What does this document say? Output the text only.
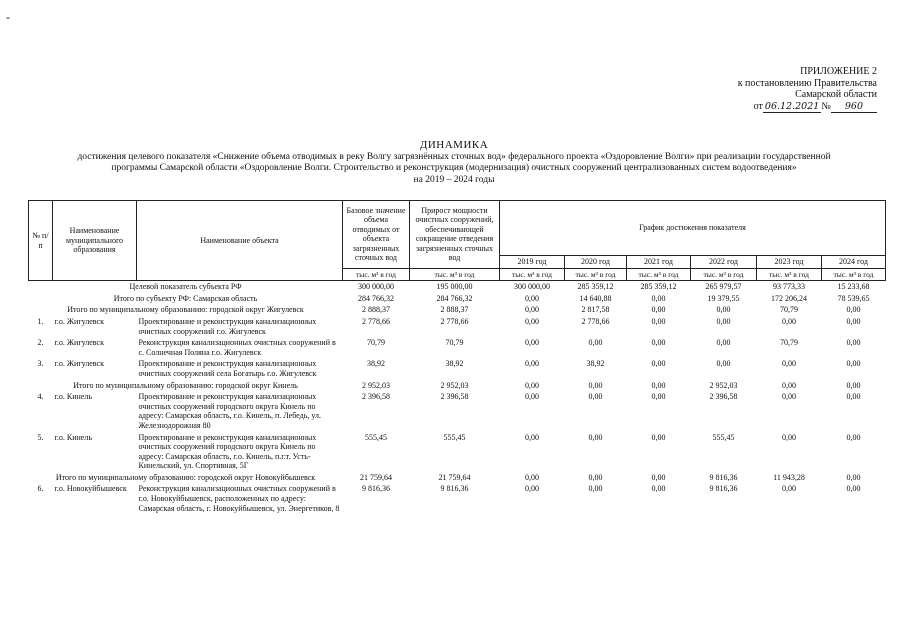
-
ПРИЛОЖЕНИЕ 2
к постановлению Правительства
Самарской области
от 06.12.2021 № 960
ДИНАМИКА
достижения целевого показателя «Снижение объема отводимых в реку Волгу загрязнённых сточных вод» федерального проекта «Оздоровление Волги» при реализации государственной
программы Самарской области «Оздоровление Волги. Строительство и реконструкция (модернизация) очистных сооружений централизованных систем водоотведения»
на 2019 – 2024 годы
№ п/п	Наименование муниципального образования	Наименование объекта	Базовое значение объема отводимых от объекта загрязненных сточных вод	Прирост мощности очистных сооружений, обеспечивающей сокращение отведения загрязненных сточных вод	График достижения показателя					
					2019 год	2020 год	2021 год	2022 год	2023 год	2024 год
			тыс. м³ в год	тыс. м³ в год	тыс. м³ в год	тыс. м³ в год	тыс. м³ в год	тыс. м³ в год	тыс. м³ в год	тыс. м³ в год
Целевой показатель субъекта РФ			300 000,00	195 000,00	300 000,00	285 359,12	285 359,12	265 979,57	93 773,33	15 233,68
Итого по субъекту РФ: Самарская область			284 766,32	284 766,32	0,00	14 640,88	0,00	19 379,55	172 206,24	78 539,65
Итого по муниципальному образованию: городской округ Жигулевск			2 888,37	2 888,37	0,00	2 817,58	0,00	0,00	70,79	0,00
1.	г.о. Жигулевск	Проектирование и реконструкция канализационных очистных сооружений г.о. Жигулевск	2 778,66	2 778,66	0,00	2 778,66	0,00	0,00	0,00	0,00
2.	г.о. Жигулевск	Реконструкция канализационных очистных сооружений в с. Солнечная Поляна г.о. Жигулевск	70,79	70,79	0,00	0,00	0,00	0,00	70,79	0,00
3.	г.о. Жигулевск	Проектирование и реконструкция канализационных очистных сооружений села Богатырь г.о. Жигулевск	38,92	38,92	0,00	38,92	0,00	0,00	0,00	0,00
Итого по муниципальному образованию: городской округ Кинель			2 952,03	2 952,03	0,00	0,00	0,00	2 952,03	0,00	0,00
4.	г.о. Кинель	Проектирование и реконструкция канализационных очистных сооружений городского округа Кинель по адресу: Самарская область, г.о. Кинель, п. Лебедь, ул. Железнодорожная 80	2 396,58	2 396,58	0,00	0,00	0,00	2 396,58	0,00	0,00
5.	г.о. Кинель	Проектирование и реконструкция канализационных очистных сооружений городского округа Кинель по адресу: Самарская область, г.о. Кинель, п.г.т. Усть-Кинельский, ул. Спортивная, 5Г	555,45	555,45	0,00	0,00	0,00	555,45	0,00	0,00
Итого по муниципальному образованию: городской округ Новокуйбышевск			21 759,64	21 759,64	0,00	0,00	0,00	9 816,36	11 943,28	0,00
6.	г.о. Новокуйбышевск	Реконструкция канализационных очистных сооружений в г.о. Новокуйбышевск, расположенных по адресу: Самарская область, г. Новокуйбышевск, ул. Энергетиков, 8	9 816,36	9 816,36	0,00	0,00	0,00	9 816,36	0,00	0,00
